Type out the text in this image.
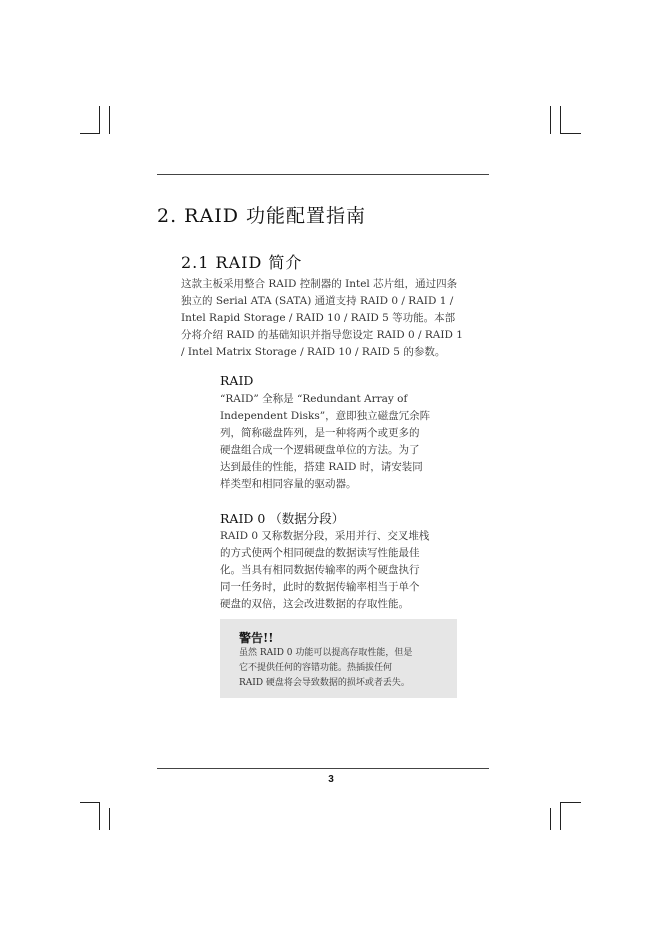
2. RAID 功能配置指南
2.1 RAID 简介
这款主板采用整合 RAID 控制器的 Intel 芯片组，通过四条
独立的 Serial ATA (SATA) 通道支持 RAID 0 / RAID 1 /
Intel Rapid Storage / RAID 10 / RAID 5 等功能。本部
分将介绍 RAID 的基础知识并指导您设定 RAID 0 / RAID 1
/ Intel Matrix Storage / RAID 10 / RAID 5 的参数。
RAID
“RAID” 全称是 “Redundant Array of
Independent Disks”，意即独立磁盘冗余阵
列，简称磁盘阵列，是一种将两个或更多的
硬盘组合成一个逻辑硬盘单位的方法。为了
达到最佳的性能，搭建 RAID 时，请安装同
样类型和相同容量的驱动器。
RAID 0 （数据分段）
RAID 0 又称数据分段，采用并行、交叉堆栈
的方式使两个相同硬盘的数据读写性能最佳
化。当具有相同数据传输率的两个硬盘执行
同一任务时，此时的数据传输率相当于单个
硬盘的双倍，这会改进数据的存取性能。
警告!!
虽然 RAID 0 功能可以提高存取性能，但是
它不提供任何的容错功能。热插拔任何
RAID 硬盘将会导致数据的损坏或者丢失。
3
